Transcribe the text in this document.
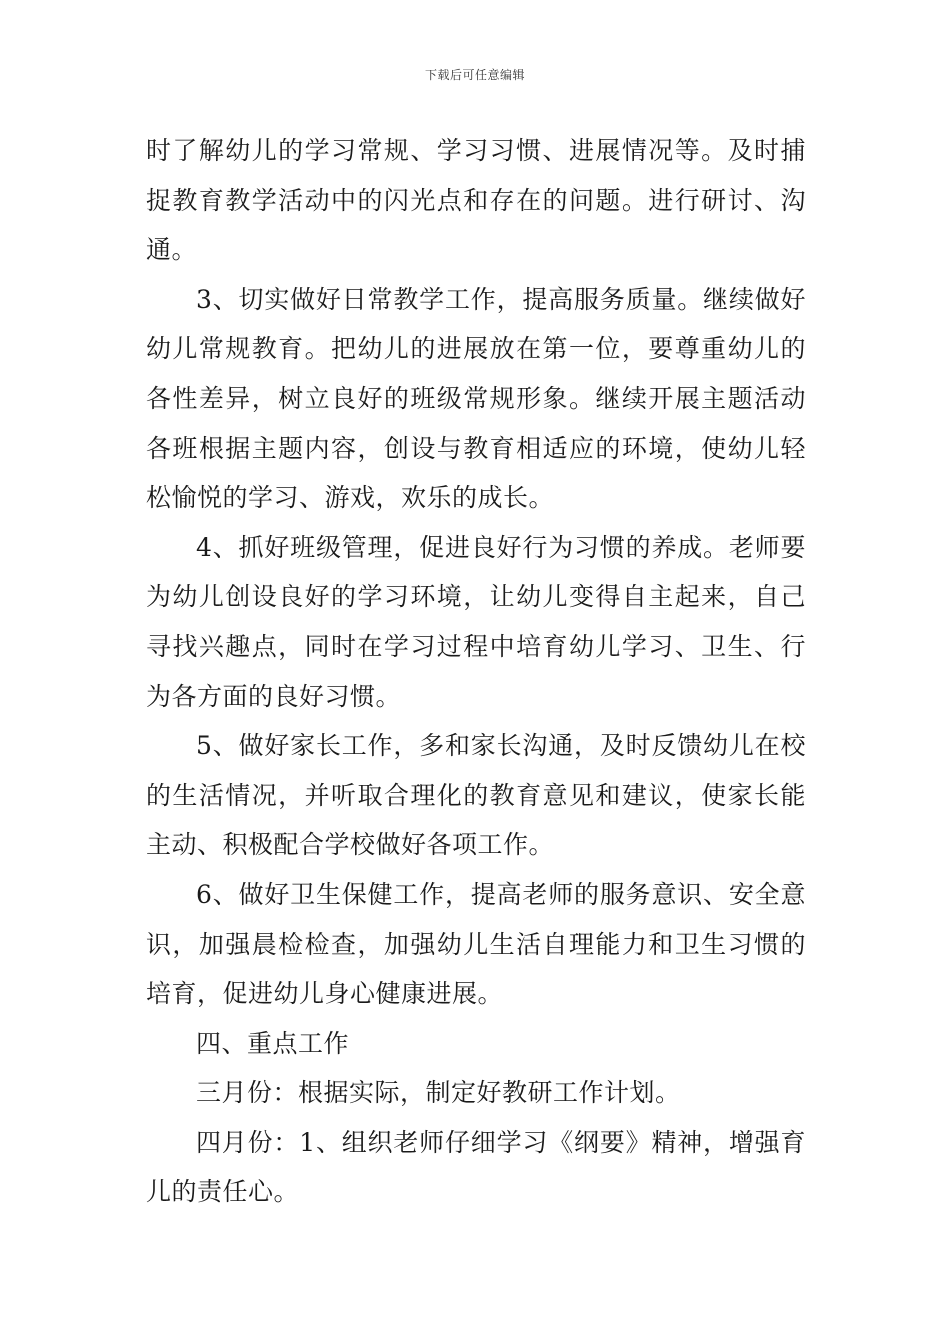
下载后可任意编辑

时了解幼儿的学习常规、学习习惯、进展情况等。及时捕捉教育教学活动中的闪光点和存在的问题。进行研讨、沟通。

3、切实做好日常教学工作，提高服务质量。继续做好幼儿常规教育。把幼儿的进展放在第一位，要尊重幼儿的各性差异，树立良好的班级常规形象。继续开展主题活动各班根据主题内容，创设与教育相适应的环境，使幼儿轻松愉悦的学习、游戏，欢乐的成长。

4、抓好班级管理，促进良好行为习惯的养成。老师要为幼儿创设良好的学习环境，让幼儿变得自主起来，自己寻找兴趣点，同时在学习过程中培育幼儿学习、卫生、行为各方面的良好习惯。

5、做好家长工作，多和家长沟通，及时反馈幼儿在校的生活情况，并听取合理化的教育意见和建议，使家长能主动、积极配合学校做好各项工作。

6、做好卫生保健工作，提高老师的服务意识、安全意识，加强晨检检查，加强幼儿生活自理能力和卫生习惯的培育，促进幼儿身心健康进展。

四、重点工作

三月份：根据实际，制定好教研工作计划。

四月份：1、组织老师仔细学习《纲要》精神，增强育儿的责任心。
